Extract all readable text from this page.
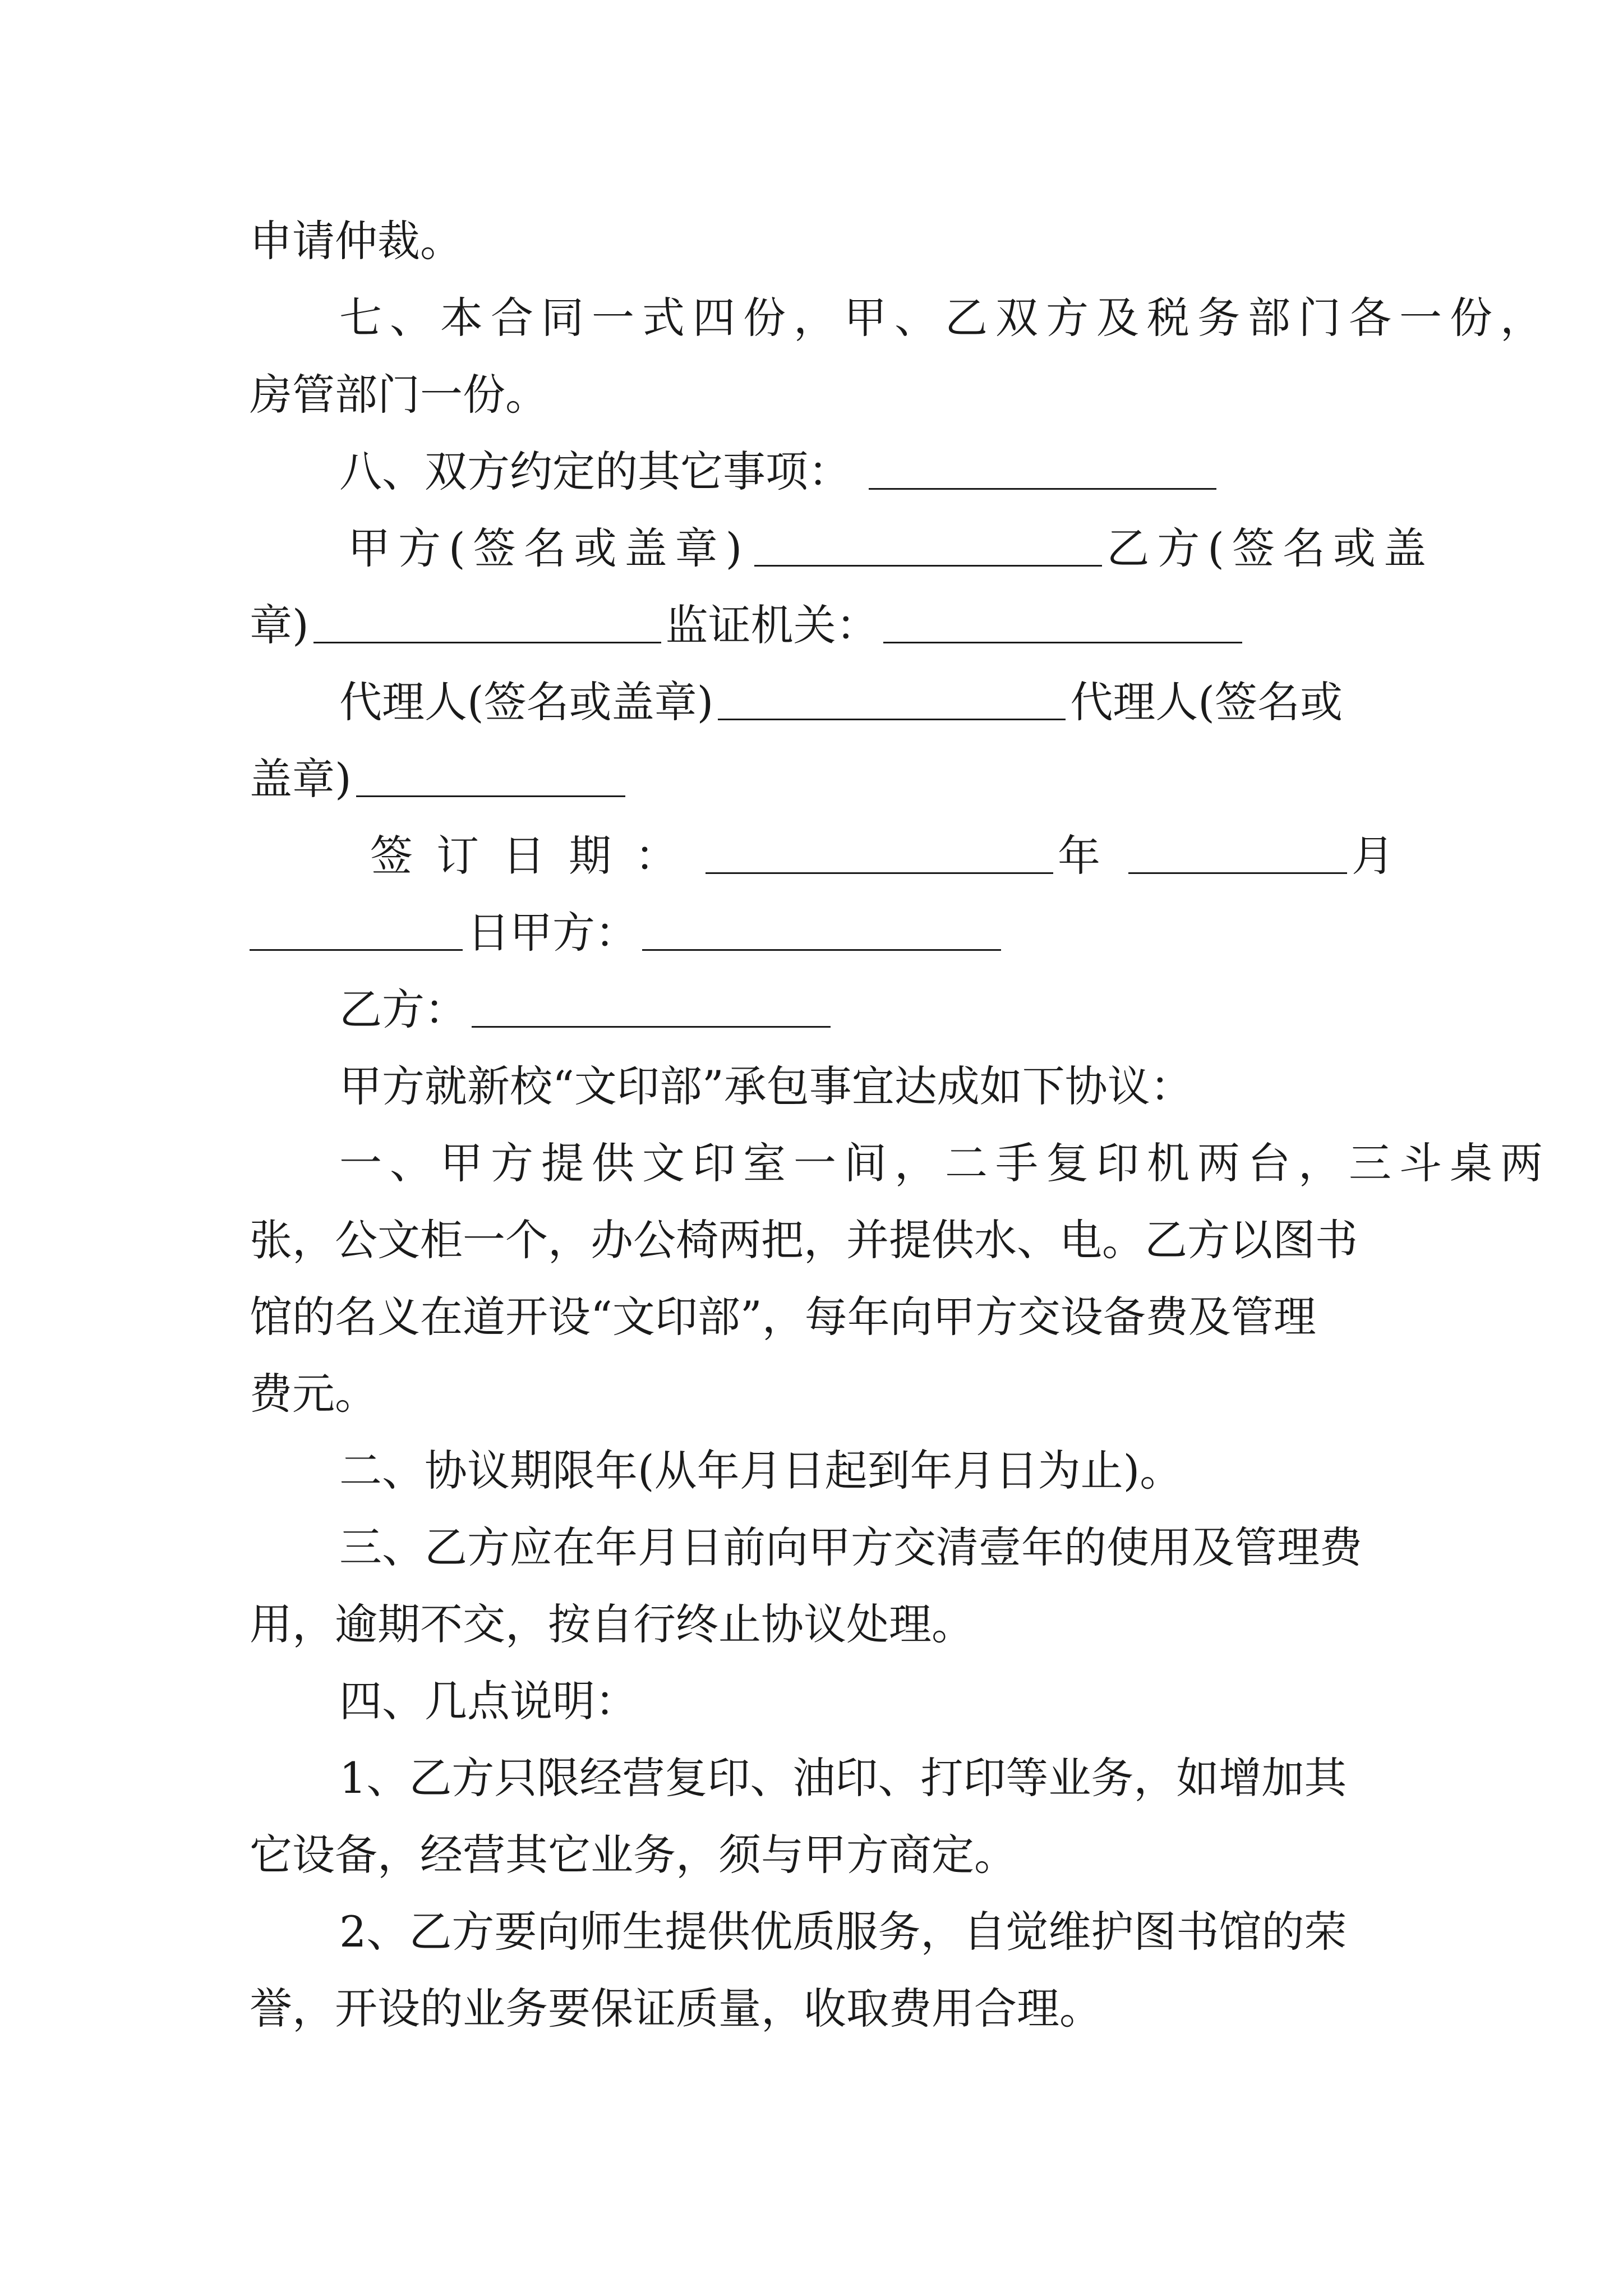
申请仲裁。
七、本合同一式四份，甲、乙双方及税务部门各一份，
房管部门一份。
八、双方约定的其它事项：
甲方(签名或盖章)	乙方(签名或盖
章)	监证机关：
代理人(签名或盖章)	代理人(签名或
盖章)
签订日期：	年	月
日甲方：
乙方：
甲方就新校“文印部”承包事宜达成如下协议：
一、甲方提供文印室一间，二手复印机两台，三斗桌两
张，公文柜一个，办公椅两把，并提供水、电。乙方以图书
馆的名义在道开设“文印部”，每年向甲方交设备费及管理
费元。
二、协议期限年(从年月日起到年月日为止)。
三、乙方应在年月日前向甲方交清壹年的使用及管理费
用，逾期不交，按自行终止协议处理。
四、几点说明：
1、乙方只限经营复印、油印、打印等业务，如增加其
它设备，经营其它业务，须与甲方商定。
2、乙方要向师生提供优质服务，自觉维护图书馆的荣
誉，开设的业务要保证质量，收取费用合理。
